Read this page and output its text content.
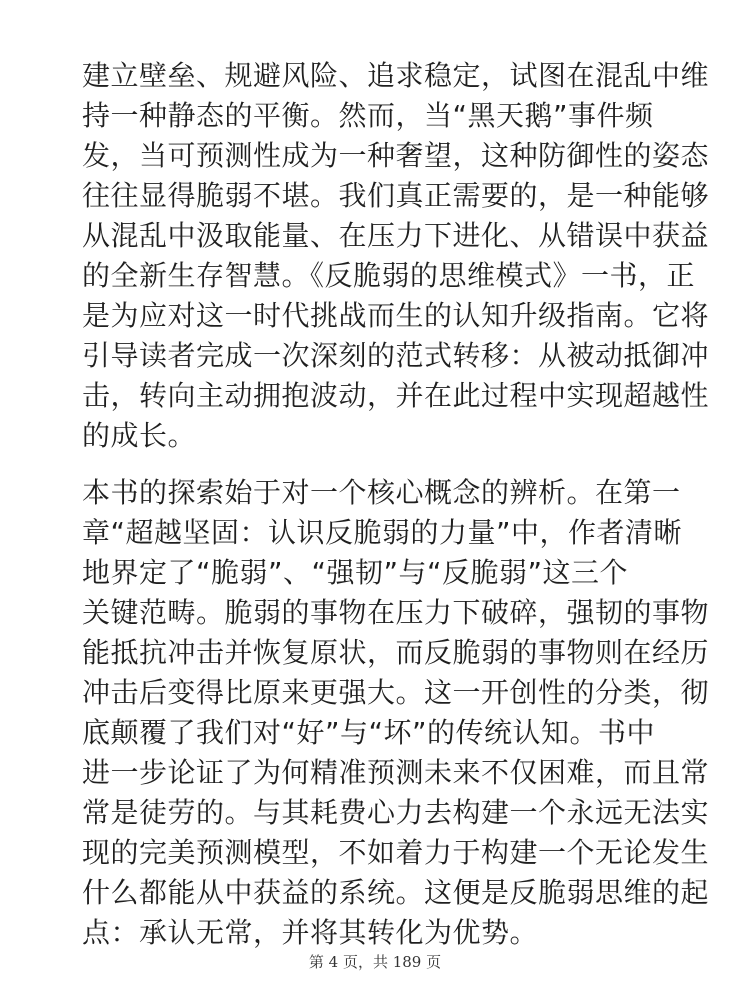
建立壁垒、规避风险、追求稳定，试图在混乱中维
持一种静态的平衡。然而，当“黑天鹅”事件频
发，当可预测性成为一种奢望，这种防御性的姿态
往往显得脆弱不堪。我们真正需要的，是一种能够
从混乱中汲取能量、在压力下进化、从错误中获益
的全新生存智慧。《反脆弱的思维模式》一书，正
是为应对这一时代挑战而生的认知升级指南。它将
引导读者完成一次深刻的范式转移：从被动抵御冲
击，转向主动拥抱波动，并在此过程中实现超越性
的成长。

本书的探索始于对一个核心概念的辨析。在第一
章“超越坚固：认识反脆弱的力量”中，作者清晰
地界定了“脆弱”、“强韧”与“反脆弱”这三个
关键范畴。脆弱的事物在压力下破碎，强韧的事物
能抵抗冲击并恢复原状，而反脆弱的事物则在经历
冲击后变得比原来更强大。这一开创性的分类，彻
底颠覆了我们对“好”与“坏”的传统认知。书中
进一步论证了为何精准预测未来不仅困难，而且常
常是徒劳的。与其耗费心力去构建一个永远无法实
现的完美预测模型，不如着力于构建一个无论发生
什么都能从中获益的系统。这便是反脆弱思维的起
点：承认无常，并将其转化为优势。

第 4 页，共 189 页
